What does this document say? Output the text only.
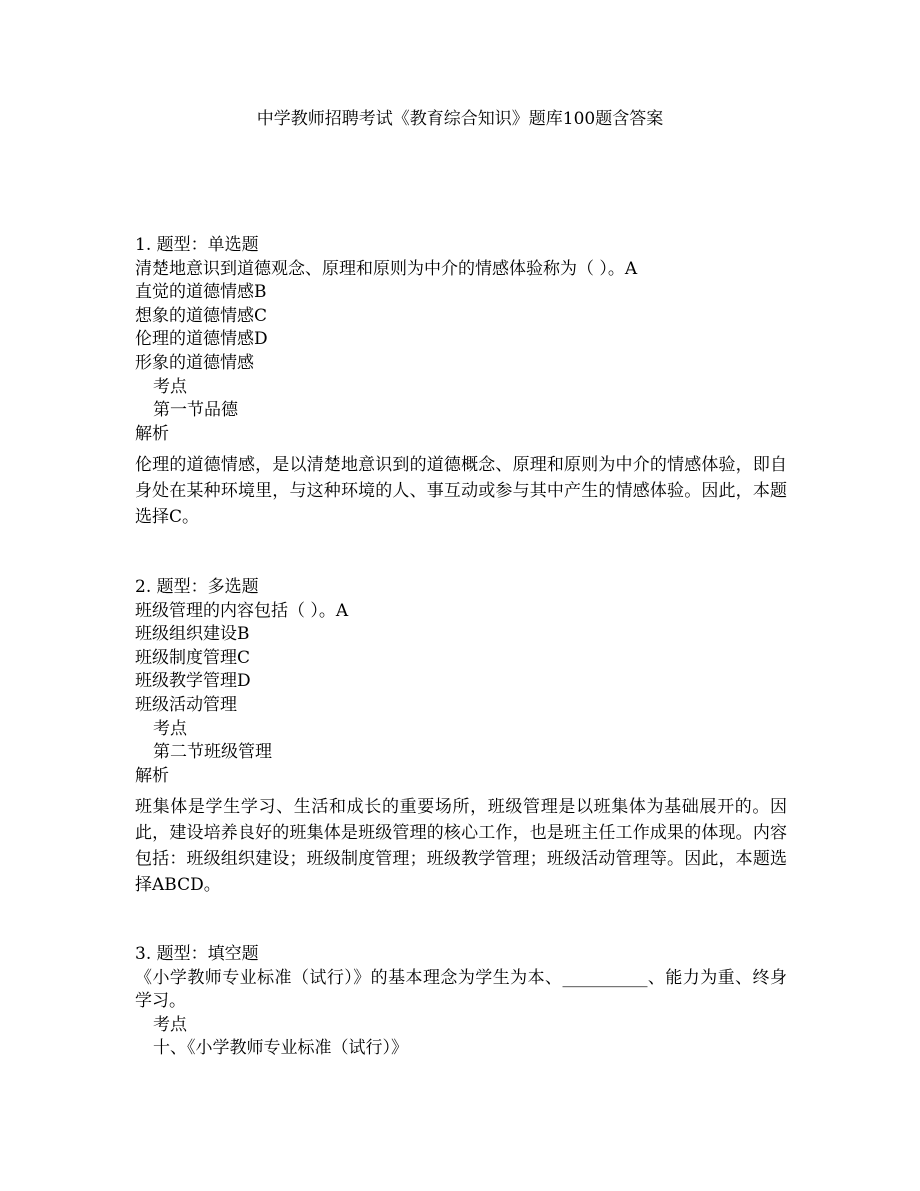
中学教师招聘考试《教育综合知识》题库100题含答案
1. 题型：单选题
清楚地意识到道德观念、原理和原则为中介的情感体验称为（ ）。A
直觉的道德情感B
想象的道德情感C
伦理的道德情感D
形象的道德情感
考点
第一节品德
解析
伦理的道德情感，是以清楚地意识到的道德概念、原理和原则为中介的情感体验，即自身处在某种环境里，与这种环境的人、事互动或参与其中产生的情感体验。因此，本题选择C。
2. 题型：多选题
班级管理的内容包括（ ）。A
班级组织建设B
班级制度管理C
班级教学管理D
班级活动管理
考点
第二节班级管理
解析
班集体是学生学习、生活和成长的重要场所，班级管理是以班集体为基础展开的。因此，建设培养良好的班集体是班级管理的核心工作，也是班主任工作成果的体现。内容包括：班级组织建设；班级制度管理；班级教学管理；班级活动管理等。因此，本题选择ABCD。
3. 题型：填空题
《小学教师专业标准（试行）》的基本理念为学生为本、__________、能力为重、终身学习。
考点
十、《小学教师专业标准（试行）》
